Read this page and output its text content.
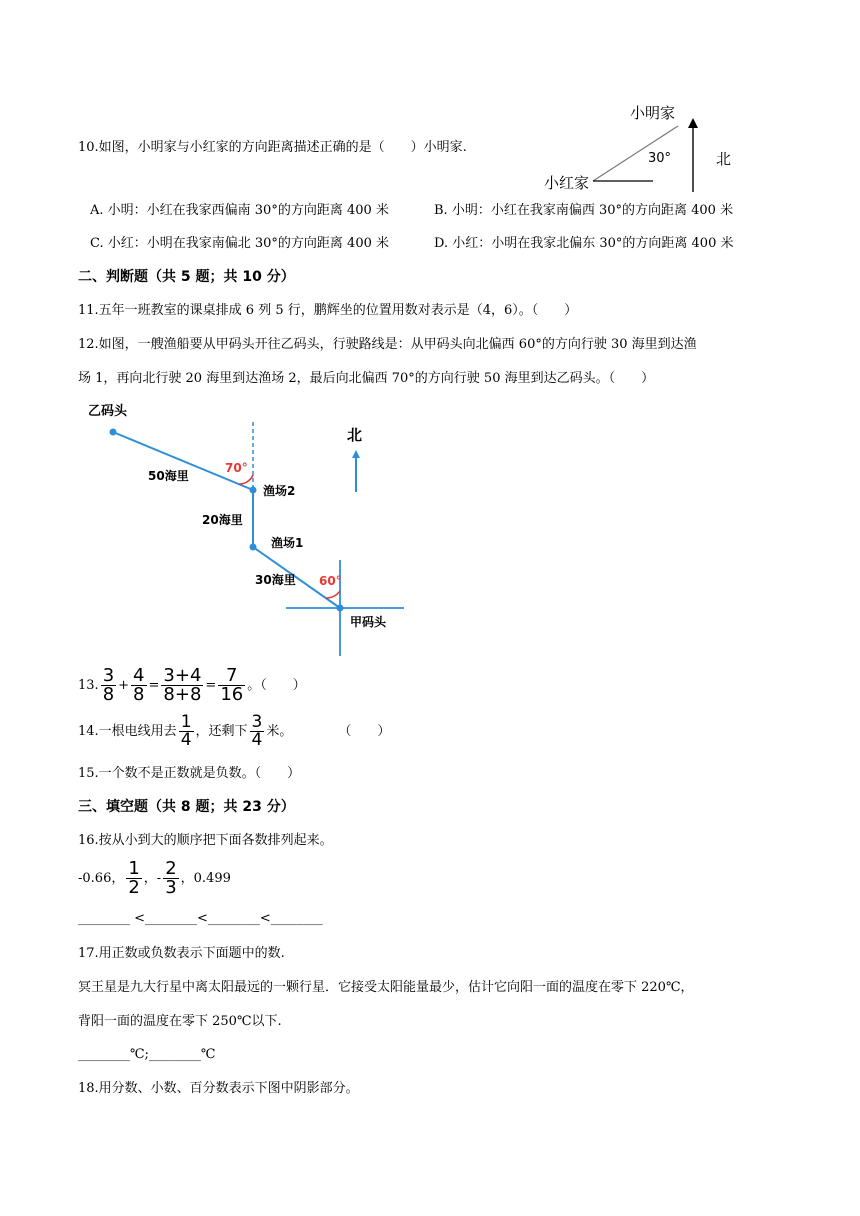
10.如图，小明家与小红家的方向距离描述正确的是（　　）小明家.
小明家
小红家
30°	北
A. 小明：小红在我家西偏南 30°的方向距离 400 米	B. 小明：小红在我家南偏西 30°的方向距离 400 米
C. 小红：小明在我家南偏北 30°的方向距离 400 米	D. 小红：小明在我家北偏东 30°的方向距离 400 米
二、判断题（共 5 题；共 10 分）
11.五年一班教室的课桌排成 6 列 5 行，鹏辉坐的位置用数对表示是（4，6）。（　　）
12.如图，一艘渔船要从甲码头开往乙码头，行驶路线是：从甲码头向北偏西 60°的方向行驶 30 海里到达渔
场 1，再向北行驶 20 海里到达渔场 2，最后向北偏西 70°的方向行驶 50 海里到达乙码头。（　　）
乙码头
70°
60°
50海里
20海里
30海里
渔场2
渔场1
甲码头
北
13. $\frac{3}{8} + \frac{4}{8} = \frac{3+4}{8+8} = \frac{7}{16}$ 。（　　）
14.一根电线用去 $\frac{1}{4}$ ，还剩下 $\frac{3}{4}$ 米。	（　　）
15.一个数不是正数就是负数。（　　）
三、填空题（共 8 题；共 23 分）
16.按从小到大的顺序把下面各数排列起来。
-0.66， $\frac{1}{2}$ ，- $\frac{2}{3}$ ，0.499
________ <________<________<________
17.用正数或负数表示下面题中的数.
冥王星是九大行星中离太阳最远的一颗行星．它接受太阳能量最少，估计它向阳一面的温度在零下 220℃，
背阳一面的温度在零下 250℃以下.
________℃;________℃
18.用分数、小数、百分数表示下图中阴影部分。
